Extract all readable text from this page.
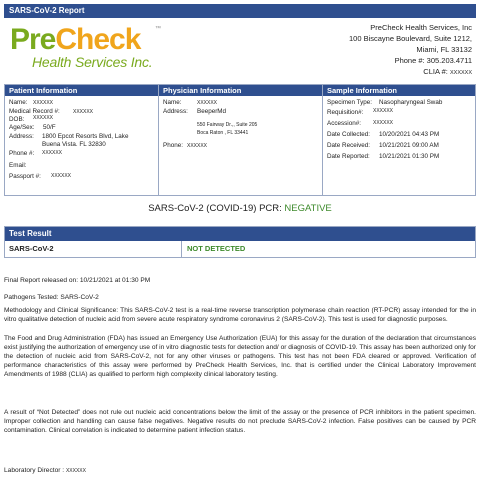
SARS-CoV-2 Report
PreCheck ™
Health Services Inc.
PreCheck Health Services, Inc
100 Biscayne Boulevard, Suite 1212,
Miami, FL 33132
Phone #: 305.203.4711
CLIA #: XXXXXX
Patient Information
Name: XXXXXX
Medical Record #:	XXXXXX
DOB: XXXXXX
Age/Sex: 50/F
Address: 1800 Epcot Resorts Blvd, Lake
Buena Vista. FL 32830
Phone #: XXXXXX
Email:
Passport #: XXXXXX
Physician Information
Name:	XXXXXX
Address: BeeperMd
550 Fairway Dr.,, Suite 205
Boca Raton , FL 33441
Phone: XXXXXX
Sample Information
Specimen Type: Nasopharyngeal Swab
Requisition#: XXXXXX
Accession#: XXXXXX
Date Collected: 10/20/2021 04:43 PM
Date Received: 10/21/2021 09:00 AM
Date Reported: 10/21/2021 01:30 PM
SARS-CoV-2 (COVID-19) PCR: NEGATIVE
Test Result
SARS-CoV-2	NOT DETECTED
Final Report released on: 10/21/2021 at 01:30 PM
Pathogens Tested: SARS-CoV-2
Methodology and Clinical Significance: This SARS-CoV-2 test is a real-time reverse transcription polymerase chain reaction (RT-PCR) assay intended for the in vitro qualitative detection of nucleic acid from severe acute respiratory syndrome coronavirus 2 (SARS-CoV-2). This test is used for diagnostic purposes.
The Food and Drug Administration (FDA) has issued an Emergency Use Authorization (EUA) for this assay for the duration of the declaration that circumstances exist justifying the authorization of emergency use of in vitro diagnostic tests for detection and/ or diagnosis of COVID-19. This assay has been authorized only for the detection of nucleic acid from SARS-CoV-2, not for any other viruses or pathogens. This test has not been FDA cleared or approved. Verification of performance characteristics of this assay were performed by PreCheck Health Services, Inc. that is certified under the Clinical Laboratory Improvement Amendments of 1988 (CLIA) as qualified to perform high complexity clinical laboratory testing.
A result of “Not Detected” does not rule out nucleic acid concentrations below the limit of the assay or the presence of PCR inhibitors in the patient specimen. Improper collection and handling can cause false negatives. Negative results do not preclude SARS-CoV-2 infection. False positives can be caused by PCR contamination. Clinical correlation is indicated to determine patient infection status.
Laboratory Director : XXXXXX
